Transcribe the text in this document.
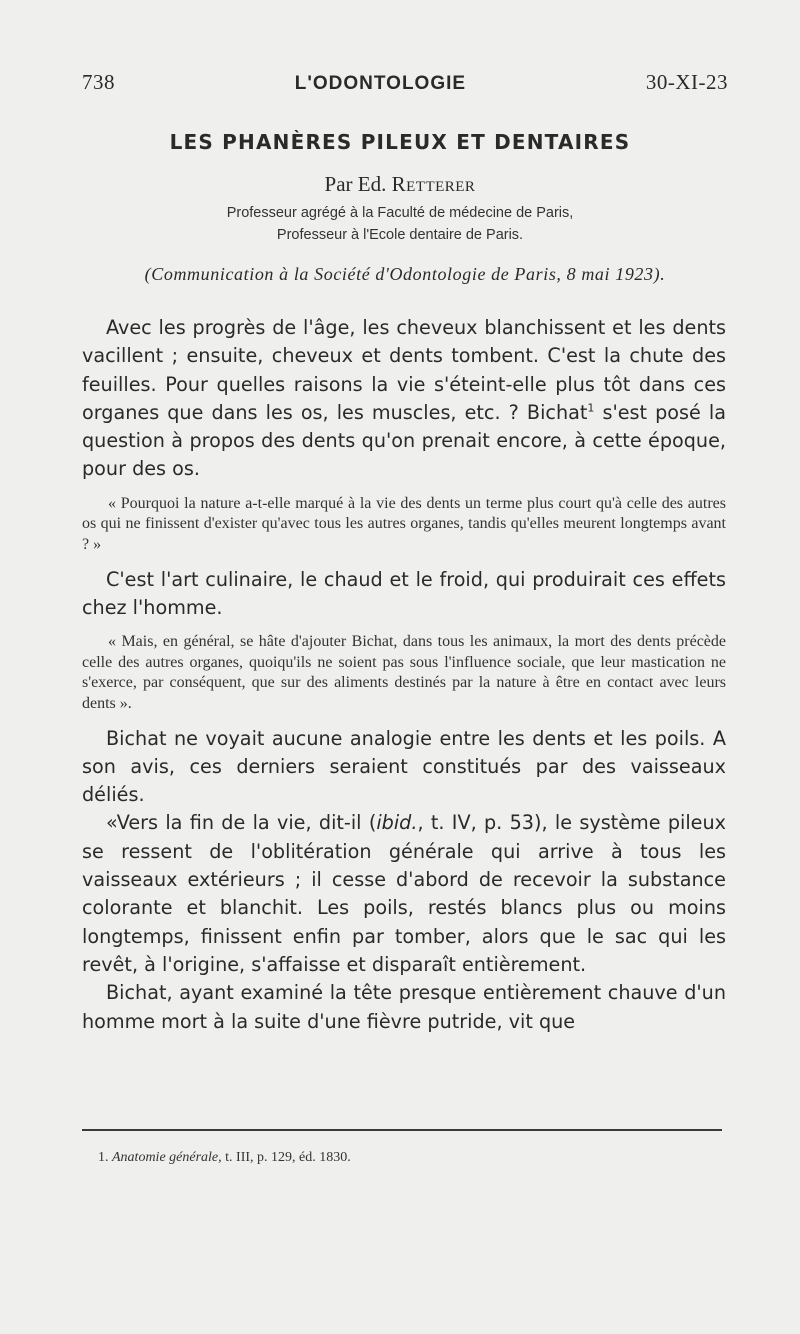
738	L'ODONTOLOGIE	30-XI-23
LES PHANÈRES PILEUX ET DENTAIRES
Par Ed. Retterer
Professeur agrégé à la Faculté de médecine de Paris,
Professeur à l'Ecole dentaire de Paris.
(Communication à la Société d'Odontologie de Paris, 8 mai 1923).

Avec les progrès de l'âge, les cheveux blanchissent et les dents vacillent ; ensuite, cheveux et dents tombent. C'est la chute des feuilles. Pour quelles raisons la vie s'éteint-elle plus tôt dans ces organes que dans les os, les muscles, etc. ? Bichat$^1$ s'est posé la question à propos des dents qu'on prenait encore, à cette époque, pour des os.

« Pourquoi la nature a-t-elle marqué à la vie des dents un terme plus court qu'à celle des autres os qui ne finissent d'exister qu'avec tous les autres organes, tandis qu'elles meurent longtemps avant ? »

C'est l'art culinaire, le chaud et le froid, qui produirait ces effets chez l'homme.

« Mais, en général, se hâte d'ajouter Bichat, dans tous les animaux, la mort des dents précède celle des autres organes, quoiqu'ils ne soient pas sous l'influence sociale, que leur mastication ne s'exerce, par conséquent, que sur des aliments destinés par la nature à être en contact avec leurs dents ».

Bichat ne voyait aucune analogie entre les dents et les poils. A son avis, ces derniers seraient constitués par des vaisseaux déliés.

«Vers la fin de la vie, dit-il (ibid., t. IV, p. 53), le système pileux se ressent de l'oblitération générale qui arrive à tous les vaisseaux extérieurs ; il cesse d'abord de recevoir la substance colorante et blanchit. Les poils, restés blancs plus ou moins longtemps, finissent enfin par tomber, alors que le sac qui les revêt, à l'origine, s'affaisse et disparaît entièrement.

Bichat, ayant examiné la tête presque entièrement chauve d'un homme mort à la suite d'une fièvre putride, vit que

1. Anatomie générale, t. III, p. 129, éd. 1830.
